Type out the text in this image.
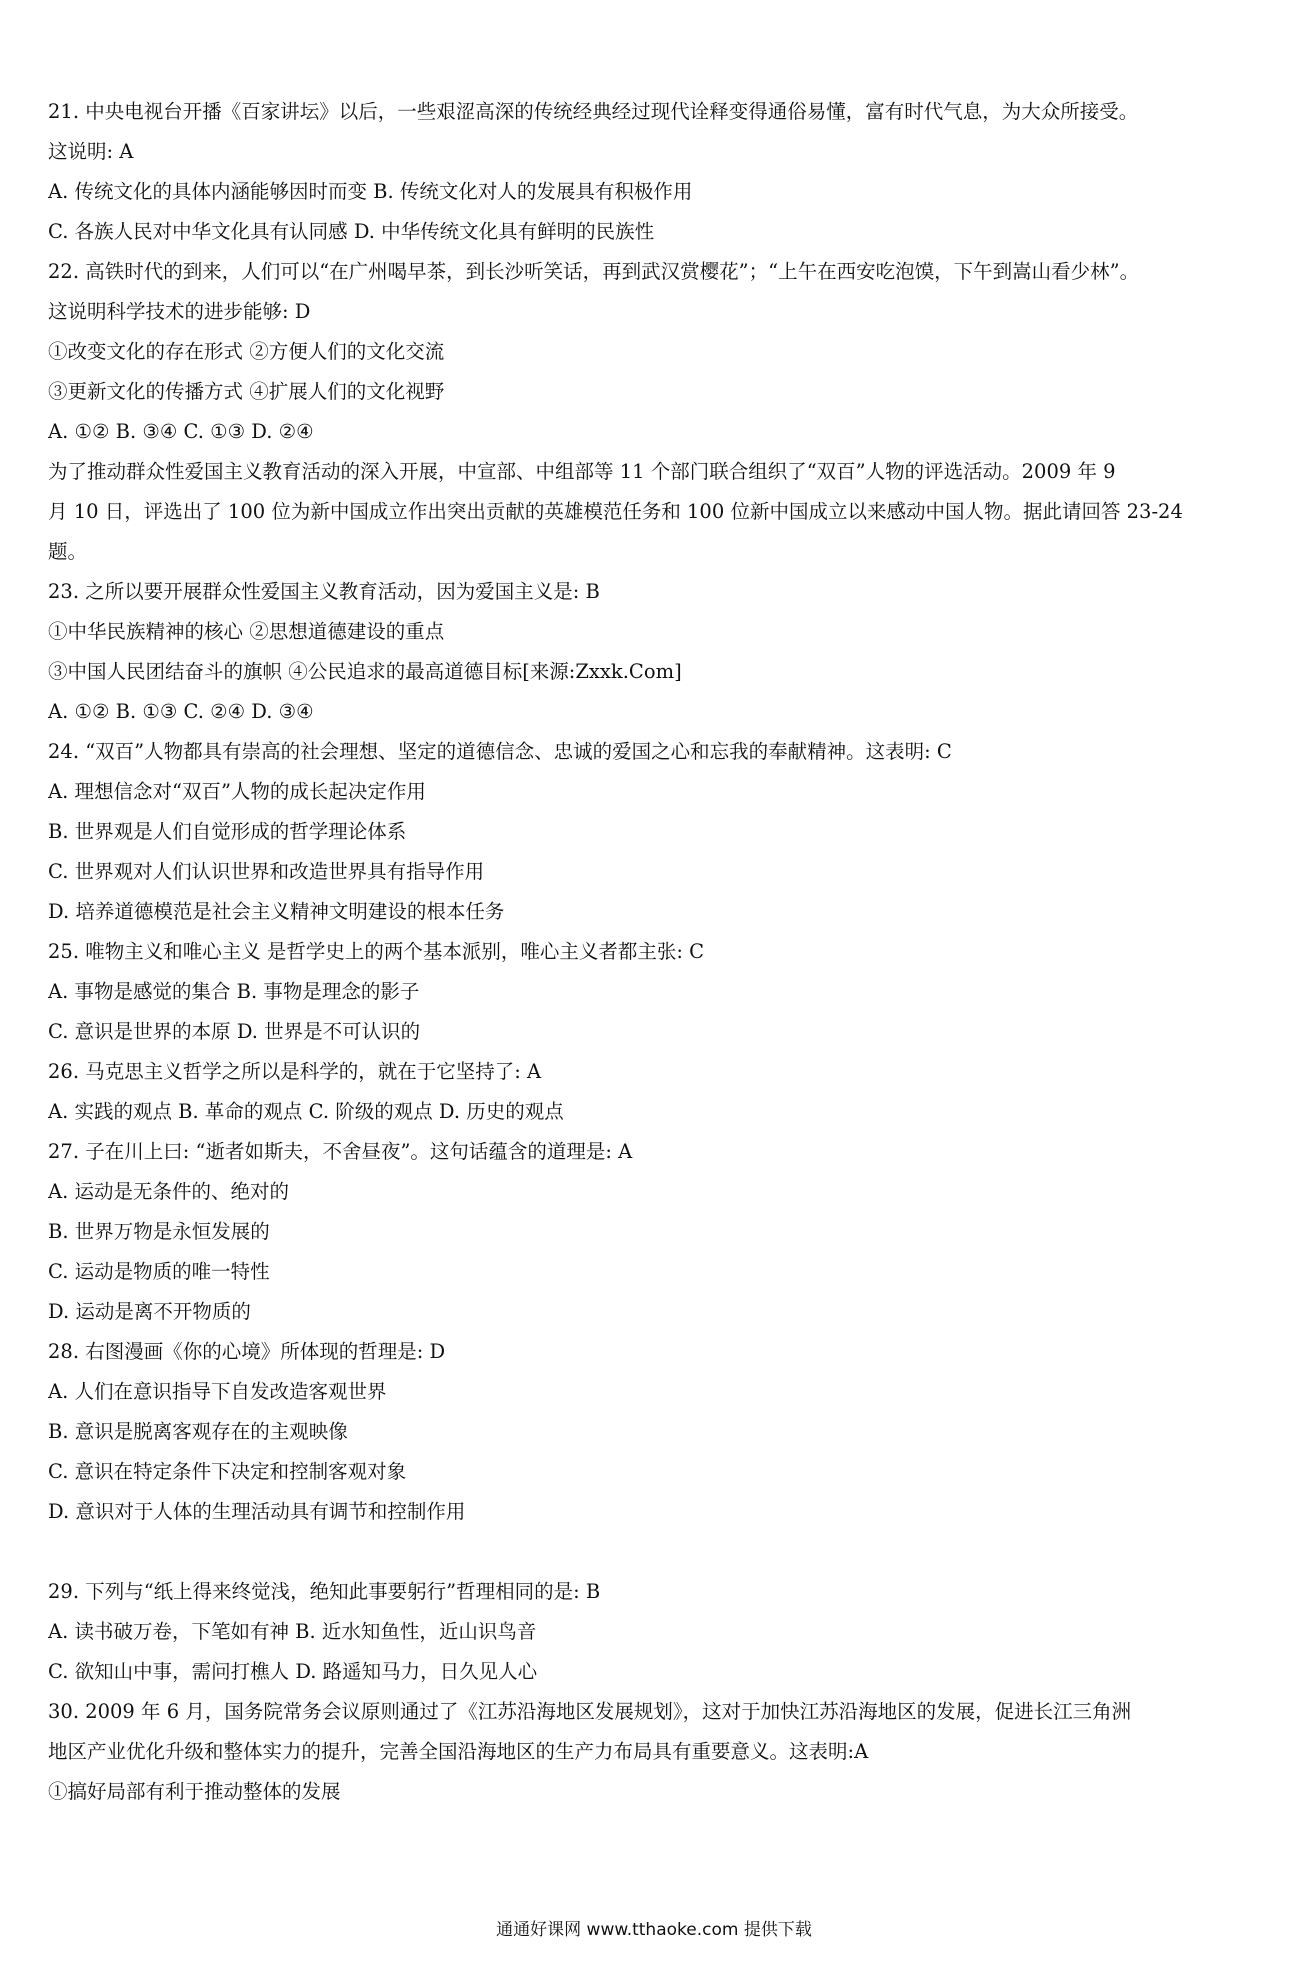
21. 中央电视台开播《百家讲坛》以后，一些艰涩高深的传统经典经过现代诠释变得通俗易懂，富有时代气息，为大众所接受。
这说明: A
A. 传统文化的具体内涵能够因时而变 B. 传统文化对人的发展具有积极作用
C. 各族人民对中华文化具有认同感 D. 中华传统文化具有鲜明的民族性
22. 高铁时代的到来，人们可以“在广州喝早茶，到长沙听笑话，再到武汉赏樱花”；“上午在西安吃泡馍，下午到嵩山看少林”。
这说明科学技术的进步能够: D
①改变文化的存在形式 ②方便人们的文化交流
③更新文化的传播方式 ④扩展人们的文化视野
A. ①② B. ③④ C. ①③ D. ②④
为了推动群众性爱国主义教育活动的深入开展，中宣部、中组部等 11 个部门联合组织了“双百”人物的评选活动。2009 年 9
月 10 日，评选出了 100 位为新中国成立作出突出贡献的英雄模范任务和 100 位新中国成立以来感动中国人物。据此请回答 23-24
题。
23. 之所以要开展群众性爱国主义教育活动，因为爱国主义是: B
①中华民族精神的核心 ②思想道德建设的重点
③中国人民团结奋斗的旗帜 ④公民追求的最高道德目标[来源:Zxxk.Com]
A. ①② B. ①③ C. ②④ D. ③④
24. “双百”人物都具有崇高的社会理想、坚定的道德信念、忠诚的爱国之心和忘我的奉献精神。这表明: C
A. 理想信念对“双百”人物的成长起决定作用
B. 世界观是人们自觉形成的哲学理论体系
C. 世界观对人们认识世界和改造世界具有指导作用
D. 培养道德模范是社会主义精神文明建设的根本任务
25. 唯物主义和唯心主义 是哲学史上的两个基本派别，唯心主义者都主张: C
A. 事物是感觉的集合 B. 事物是理念的影子
C. 意识是世界的本原 D. 世界是不可认识的
26. 马克思主义哲学之所以是科学的，就在于它坚持了: A
A. 实践的观点 B. 革命的观点 C. 阶级的观点 D. 历史的观点
27. 子在川上曰: “逝者如斯夫，不舍昼夜”。这句话蕴含的道理是: A
A. 运动是无条件的、绝对的
B. 世界万物是永恒发展的
C. 运动是物质的唯一特性
D. 运动是离不开物质的
28. 右图漫画《你的心境》所体现的哲理是: D
A. 人们在意识指导下自发改造客观世界
B. 意识是脱离客观存在的主观映像
C. 意识在特定条件下决定和控制客观对象
D. 意识对于人体的生理活动具有调节和控制作用
29. 下列与“纸上得来终觉浅，绝知此事要躬行”哲理相同的是: B
A. 读书破万卷，下笔如有神 B. 近水知鱼性，近山识鸟音
C. 欲知山中事，需问打樵人 D. 路遥知马力，日久见人心
30. 2009 年 6 月，国务院常务会议原则通过了《江苏沿海地区发展规划》，这对于加快江苏沿海地区的发展，促进长江三角洲
地区产业优化升级和整体实力的提升，完善全国沿海地区的生产力布局具有重要意义。这表明:A
①搞好局部有利于推动整体的发展
通通好课网 www.tthaoke.com 提供下载
